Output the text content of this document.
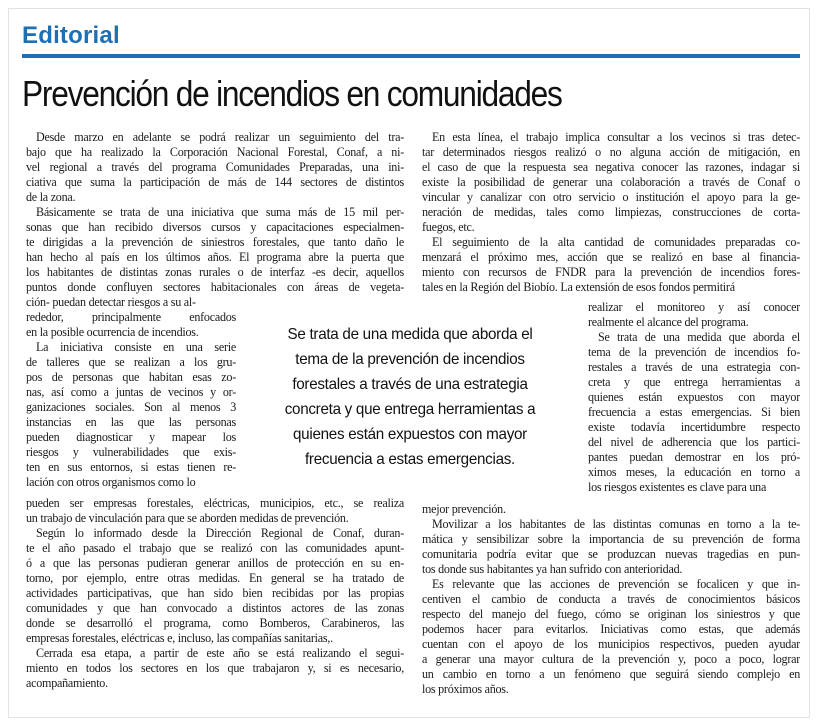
Editorial
Prevención de incendios en comunidades
Desde marzo en adelante se podrá realizar un seguimiento del tra-
bajo que ha realizado la Corporación Nacional Forestal, Conaf, a ni-
vel regional a través del programa Comunidades Preparadas, una ini-
ciativa que suma la participación de más de 144 sectores de distintos
de la zona.
Básicamente se trata de una iniciativa que suma más de 15 mil per-
sonas que han recibido diversos cursos y capacitaciones especialmen-
te dirigidas a la prevención de siniestros forestales, que tanto daño le
han hecho al país en los últimos años. El programa abre la puerta que
los habitantes de distintas zonas rurales o de interfaz -es decir, aquellos
puntos donde confluyen sectores habitacionales con áreas de vegeta-
ción- puedan detectar riesgos a su al-
rededor, principalmente enfocados
en la posible ocurrencia de incendios.
La iniciativa consiste en una serie
de talleres que se realizan a los gru-
pos de personas que habitan esas zo-
nas, así como a juntas de vecinos y or-
ganizaciones sociales. Son al menos 3
instancias en las que las personas
pueden diagnosticar y mapear los
riesgos y vulnerabilidades que exis-
ten en sus entornos, si estas tienen re-
lación con otros organismos como lo
pueden ser empresas forestales, eléctricas, municipios, etc., se realiza
un trabajo de vinculación para que se aborden medidas de prevención.
Según lo informado desde la Dirección Regional de Conaf, duran-
te el año pasado el trabajo que se realizó con las comunidades apunt-
ó a que las personas pudieran generar anillos de protección en su en-
torno, por ejemplo, entre otras medidas. En general se ha tratado de
actividades participativas, que han sido bien recibidas por las propias
comunidades y que han convocado a distintos actores de las zonas
donde se desarrolló el programa, como Bomberos, Carabineros, las
empresas forestales, eléctricas e, incluso, las compañías sanitarias,.
Cerrada esa etapa, a partir de este año se está realizando el segui-
miento en todos los sectores en los que trabajaron y, si es necesario,
acompañamiento.
En esta línea, el trabajo implica consultar a los vecinos si tras detec-
tar determinados riesgos realizó o no alguna acción de mitigación, en
el caso de que la respuesta sea negativa conocer las razones, indagar si
existe la posibilidad de generar una colaboración a través de Conaf o
vincular y canalizar con otro servicio o institución el apoyo para la ge-
neración de medidas, tales como limpiezas, construcciones de corta-
fuegos, etc.
El seguimiento de la alta cantidad de comunidades preparadas co-
menzará el próximo mes, acción que se realizó en base al financia-
miento con recursos de FNDR para la prevención de incendios fores-
tales en la Región del Biobío. La extensión de esos fondos permitirá
realizar el monitoreo y así conocer
realmente el alcance del programa.
Se trata de una medida que aborda el
tema de la prevención de incendios fo-
restales a través de una estrategia con-
creta y que entrega herramientas a
quienes están expuestos con mayor
frecuencia a estas emergencias. Si bien
existe todavía incertidumbre respecto
del nivel de adherencia que los partici-
pantes puedan demostrar en los pró-
ximos meses, la educación en torno a
los riesgos existentes es clave para una
mejor prevención.
Movilizar a los habitantes de las distintas comunas en torno a la te-
mática y sensibilizar sobre la importancia de su prevención de forma
comunitaria podría evitar que se produzcan nuevas tragedias en pun-
tos donde sus habitantes ya han sufrido con anterioridad.
Es relevante que las acciones de prevención se focalicen y que in-
centiven el cambio de conducta a través de conocimientos básicos
respecto del manejo del fuego, cómo se originan los siniestros y que
podemos hacer para evitarlos. Iniciativas como estas, que además
cuentan con el apoyo de los municipios respectivos, pueden ayudar
a generar una mayor cultura de la prevención y, poco a poco, lograr
un cambio en torno a un fenómeno que seguirá siendo complejo en
los próximos años.
Se trata de una medida que aborda el
tema de la prevención de incendios
forestales a través de una estrategia
concreta y que entrega herramientas a
quienes están expuestos con mayor
frecuencia a estas emergencias.
